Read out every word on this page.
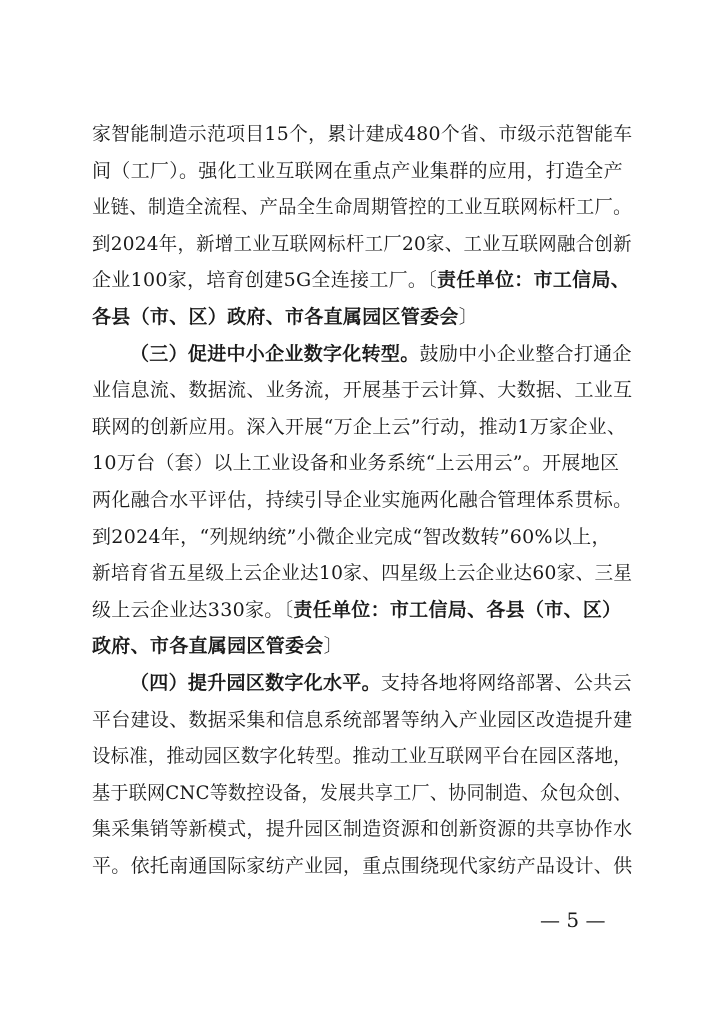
家智能制造示范项目15个，累计建成480个省、市级示范智能车
间（工厂）。强化工业互联网在重点产业集群的应用，打造全产
业链、制造全流程、产品全生命周期管控的工业互联网标杆工厂。
到2024年，新增工业互联网标杆工厂20家、工业互联网融合创新
企业100家，培育创建5G全连接工厂。〔责任单位：市工信局、
各县（市、区）政府、市各直属园区管委会〕
（三）促进中小企业数字化转型。鼓励中小企业整合打通企
业信息流、数据流、业务流，开展基于云计算、大数据、工业互
联网的创新应用。深入开展“万企上云”行动，推动1万家企业、
10万台（套）以上工业设备和业务系统“上云用云”。开展地区
两化融合水平评估，持续引导企业实施两化融合管理体系贯标。
到2024年，“列规纳统”小微企业完成“智改数转”60%以上，
新培育省五星级上云企业达10家、四星级上云企业达60家、三星
级上云企业达330家。〔责任单位：市工信局、各县（市、区）
政府、市各直属园区管委会〕
（四）提升园区数字化水平。支持各地将网络部署、公共云
平台建设、数据采集和信息系统部署等纳入产业园区改造提升建
设标准，推动园区数字化转型。推动工业互联网平台在园区落地，
基于联网CNC等数控设备，发展共享工厂、协同制造、众包众创、
集采集销等新模式，提升园区制造资源和创新资源的共享协作水
平。依托南通国际家纺产业园，重点围绕现代家纺产品设计、供
— 5 —
